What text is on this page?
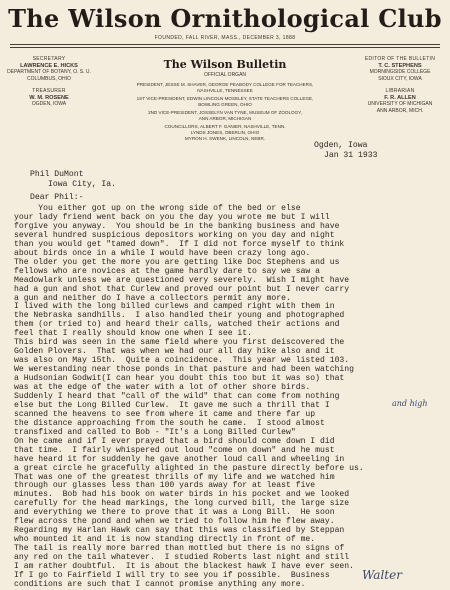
The Wilson Ornithological Club
FOUNDED, FALL RIVER, MASS., DECEMBER 3, 1888
SECRETARY
LAWRENCE E. HICKS
DEPARTMENT OF BOTANY, O. S. U.
COLUMBUS, OHIO
TREASURER
W. M. ROSENE
OGDEN, IOWA
EDITOR OF THE BULLETIN
T. C. STEPHENS
MORNINGSIDE COLLEGE
SIOUX CITY, IOWA
LIBRARIAN
F. R. ALLEN
UNIVERSITY OF MICHIGAN
ANN ARBOR, MICH.
The Wilson Bulletin
OFFICIAL ORGAN
PRESIDENT, JESSE M. SHAVER, GEORGE PEABODY COLLEGE FOR TEACHERS,
NASHVILLE, TENNESSEE
1ST VICE-PRESIDENT, EDWIN LINCOLN MOSELEY, STATE TEACHERS COLLEGE,
BOWLING GREEN, OHIO
2ND VICE-PRESIDENT, JOSSELYN VAN TYNE, MUSEUM OF ZOOLOGY,
ANN ARBOR, MICHIGAN
COUNCILLORS, ALBERT F. GANIER, NASHVILLE, TENN.
LYNDS JONES, OBERLIN, OHIO
MYRON H. SWENK, LINCOLN, NEBR.
Ogden, Iowa
Jan 31 1933
Phil DuMont
Iowa City, Ia.
Dear Phil:-
You either got up on the wrong side of the bed or else
your lady friend went back on you the day you wrote me but I will
forgive you anyway.  You should be in the banking business and have
several hundred suspicious depositors working on you day and night
than you would get "tamed down".  If I did not force myself to think
about birds once in a while I would have been crazy long ago.
The older you get the more you are getting like Doc Stephens and us
fellows who are novices at the game hardly dare to say we saw a
Meadowlark unless we are questioned very severely.  Wish I might have
had a gun and shot that Curlew and proved our point but I never carry
a gun and neither do I have a collectors permit any more.
I lived with the long billed curlews and camped right with them in
the Nebraska sandhills.  I also handled their young and photographed
them (or tried to) and heard their calls, watched their actions and
feel that I really should know one when I see it.
This bird was seen in the same field where you first deiscovered the
Golden Plovers.  That was when we had our all day hike also and it
was also on May 15th.  Quite a coincidence.  This year we listed 103.
We werestanding near those ponds in that pasture and had been watching
a Hudsonian Godwit(I can hear you doubt this too but it was so) that
was at the edge of the water with a lot of other shore birds.
Suddenly I heard that "call of the wild" that can come from nothing
else but the Long Billed Curlew.  It gave me such a thrill that I
scanned the heavens to see from where it came and there far up
the distance approaching from the south he came.  I stood almost
transfixed and called to Bob - "It's a Long Billed Curlew"
On he came and if I ever prayed that a bird should come down I did
that time.  I fairly whispered out loud "come on down" and he must
have heard it for suddenly he gave another loud call and wheeling in
a great circle he gracefully alighted in the pasture directly before us.
That was one of the greatest thrills of my life and we watched him
through our glasses less than 100 yards away for at least five
minutes.  Bob had his book on water birds in his pocket and we looked
carefully for the head markings, the long curved bill, the large size
and everything we there to prove that it was a Long Bill.  He soon
flew across the pond and when we tried to follow him he flew away.
Regarding my Harlan Hawk can say that this was classified by Steppan
who mounted it and it is now standing directly in front of me.
The tail is really more barred than mottled but there is no signs of
any red on the tail whatever.  I studied Roberts last night and still
I am rather doubtful.  It is about the blackest hawk I have ever seen.
If I go to Fairfield I will try to see you if possible.  Business
conditions are such that I cannot promise anything any more.
and high
Walter
